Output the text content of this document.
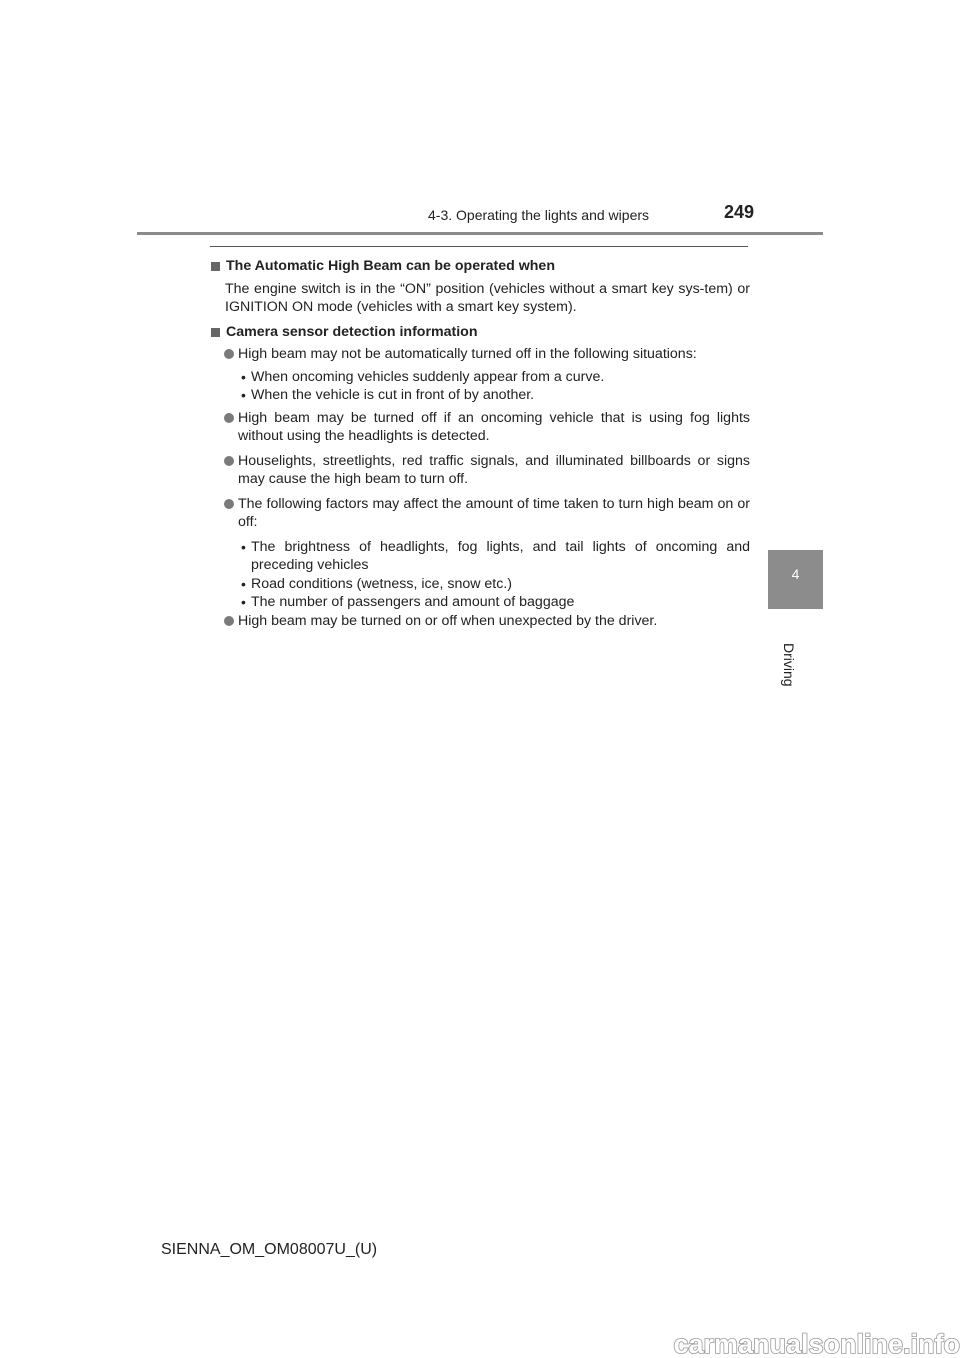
4-3. Operating the lights and wipers	249
4
Driving
The Automatic High Beam can be operated when
The engine switch is in the “ON” position (vehicles without a smart key sys-tem) or IGNITION ON mode (vehicles with a smart key system).
Camera sensor detection information
High beam may not be automatically turned off in the following situations:
• When oncoming vehicles suddenly appear from a curve.
• When the vehicle is cut in front of by another.
High beam may be turned off if an oncoming vehicle that is using fog lights without using the headlights is detected.
Houselights, streetlights, red traffic signals, and illuminated billboards or signs may cause the high beam to turn off.
The following factors may affect the amount of time taken to turn high beam on or off:
• The brightness of headlights, fog lights, and tail lights of oncoming and preceding vehicles
• Road conditions (wetness, ice, snow etc.)
• The number of passengers and amount of baggage
High beam may be turned on or off when unexpected by the driver.
SIENNA_OM_OM08007U_(U)
carmanualsonline.info
